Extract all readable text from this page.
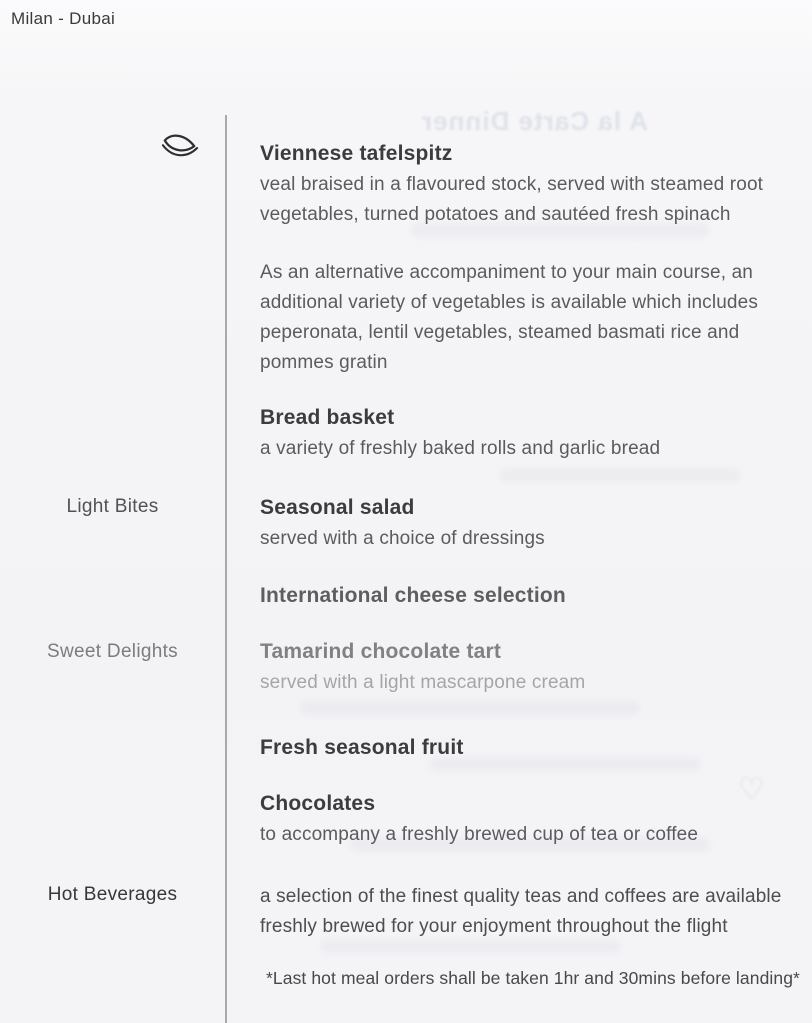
A la Carte Dinner
♡
Milan - Dubai
Light Bites
Sweet Delights
Hot Beverages
Viennese tafelspitz

veal braised in a flavoured stock, served with steamed root vegetables, turned potatoes and sautéed fresh spinach

As an alternative accompaniment to your main course, an additional variety of vegetables is available which includes peperonata, lentil vegetables, steamed basmati rice and pommes gratin

Bread basket

a variety of freshly baked rolls and garlic bread

Seasonal salad

served with a choice of dressings

International cheese selection
Tamarind chocolate tart

served with a light mascarpone cream

Fresh seasonal fruit
Chocolates

to accompany a freshly brewed cup of tea or coffee

a selection of the finest quality teas and coffees are available freshly brewed for your enjoyment throughout the flight

*Last hot meal orders shall be taken 1hr and 30mins before landing*
